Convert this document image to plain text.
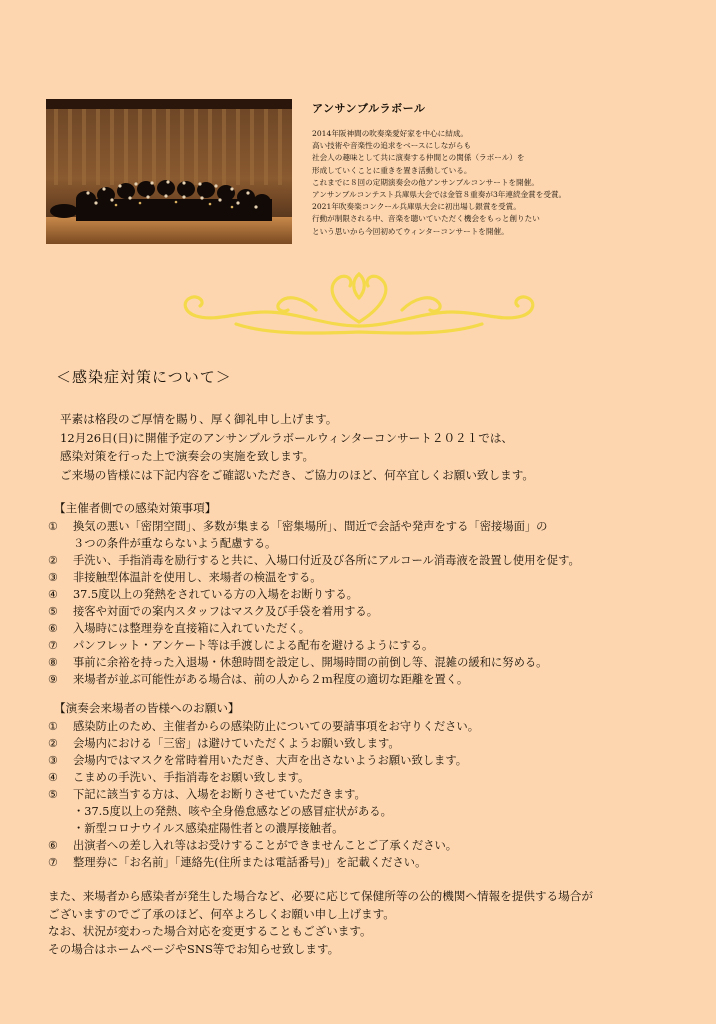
アンサンブルラボール
2014年阪神間の吹奏楽愛好家を中心に結成。
高い技術や音楽性の追求をベースにしながらも
社会人の趣味として共に演奏する仲間との関係（ラボール）を
形成していくことに重きを置き活動している。
これまでに８回の定期演奏会の他アンサンブルコンサートを開催。
アンサンブルコンテスト兵庫県大会では金管８重奏が3年連続金賞を受賞。
2021年吹奏楽コンクール兵庫県大会に初出場し銀賞を受賞。
行動が制限される中、音楽を聴いていただく機会をもっと創りたい
という思いから今回初めてウィンターコンサートを開催。
＜感染症対策について＞
平素は格段のご厚情を賜り、厚く御礼申し上げます。
12月26日(日)に開催予定のアンサンブルラボールウィンターコンサート２０２１では、
感染対策を行った上で演奏会の実施を致します。
ご来場の皆様には下記内容をご確認いただき、ご協力のほど、何卒宜しくお願い致します。
【主催者側での感染対策事項】
①	換気の悪い「密閉空間」、多数が集まる「密集場所」、間近で会話や発声をする「密接場面」の
３つの条件が重ならないよう配慮する。
②	手洗い、手指消毒を励行すると共に、入場口付近及び各所にアルコール消毒液を設置し使用を促す。
③	非接触型体温計を使用し、来場者の検温をする。
④	37.5度以上の発熱をされている方の入場をお断りする。
⑤	接客や対面での案内スタッフはマスク及び手袋を着用する。
⑥	入場時には整理券を直接箱に入れていただく。
⑦	パンフレット・アンケート等は手渡しによる配布を避けるようにする。
⑧	事前に余裕を持った入退場・休憩時間を設定し、開場時間の前倒し等、混雑の緩和に努める。
⑨	来場者が並ぶ可能性がある場合は、前の人から２ｍ程度の適切な距離を置く。
【演奏会来場者の皆様へのお願い】
①	感染防止のため、主催者からの感染防止についての要請事項をお守りください。
②	会場内における「三密」は避けていただくようお願い致します。
③	会場内ではマスクを常時着用いただき、大声を出さないようお願い致します。
④	こまめの手洗い、手指消毒をお願い致します。
⑤	下記に該当する方は、入場をお断りさせていただきます。
・37.5度以上の発熱、咳や全身倦怠感などの感冒症状がある。
・新型コロナウイルス感染症陽性者との濃厚接触者。
⑥	出演者への差し入れ等はお受けすることができませんことご了承ください。
⑦	整理券に「お名前」「連絡先(住所または電話番号)」を記載ください。
また、来場者から感染者が発生した場合など、必要に応じて保健所等の公的機関へ情報を提供する場合が
ございますのでご了承のほど、何卒よろしくお願い申し上げます。
なお、状況が変わった場合対応を変更することもございます。
その場合はホームページやSNS等でお知らせ致します。
